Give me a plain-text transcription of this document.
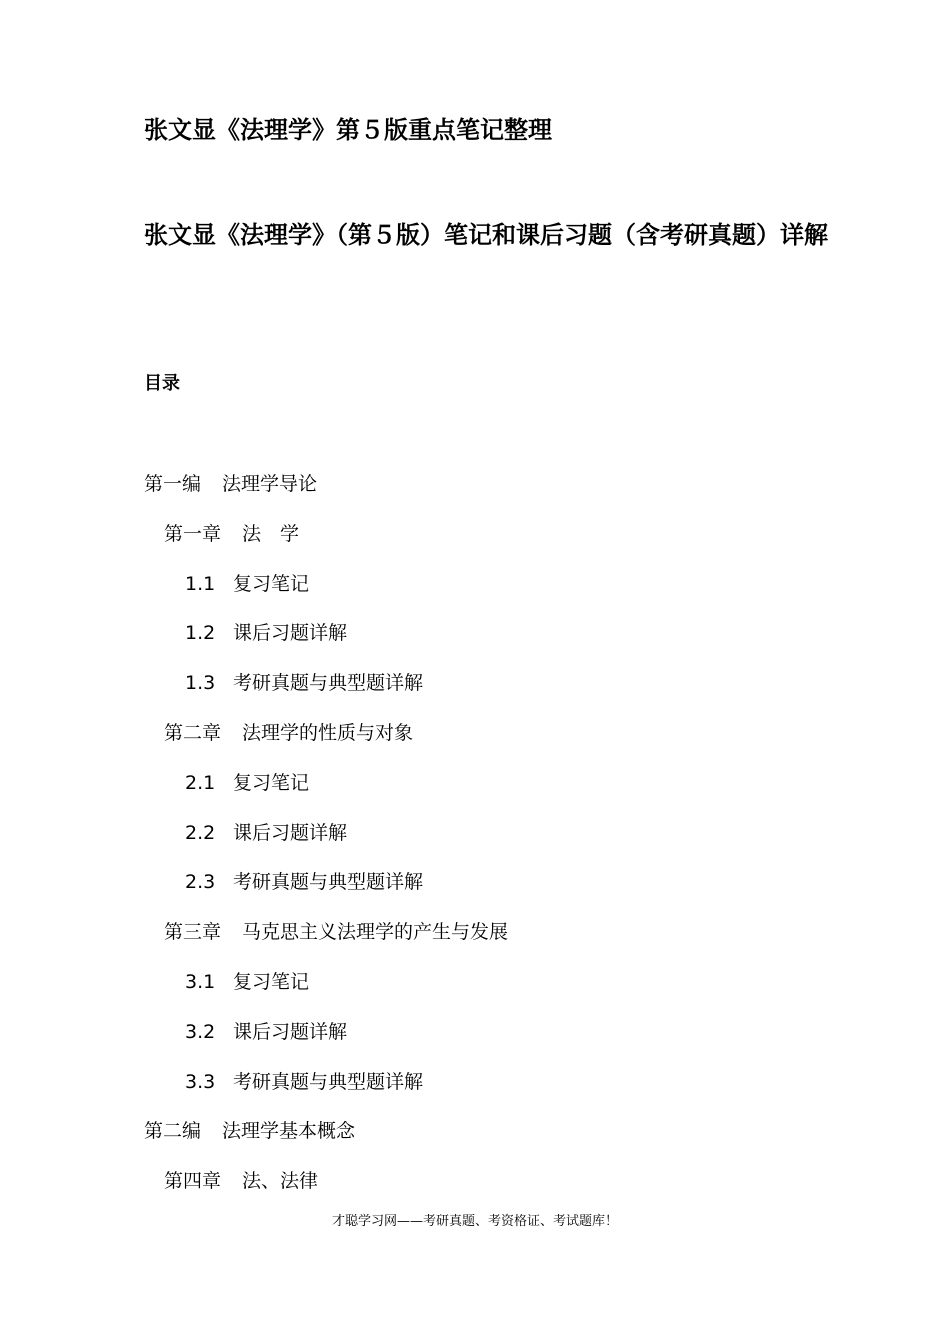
张文显《法理学》第５版重点笔记整理
张文显《法理学》（第５版）笔记和课后习题（含考研真题）详解
目录
第一编 法理学导论
第一章 法　学
1.1 复习笔记
1.2 课后习题详解
1.3 考研真题与典型题详解
第二章 法理学的性质与对象
2.1 复习笔记
2.2 课后习题详解
2.3 考研真题与典型题详解
第三章 马克思主义法理学的产生与发展
3.1 复习笔记
3.2 课后习题详解
3.3 考研真题与典型题详解
第二编 法理学基本概念
第四章 法、法律
才聪学习网——考研真题、考资格证、考试题库！
